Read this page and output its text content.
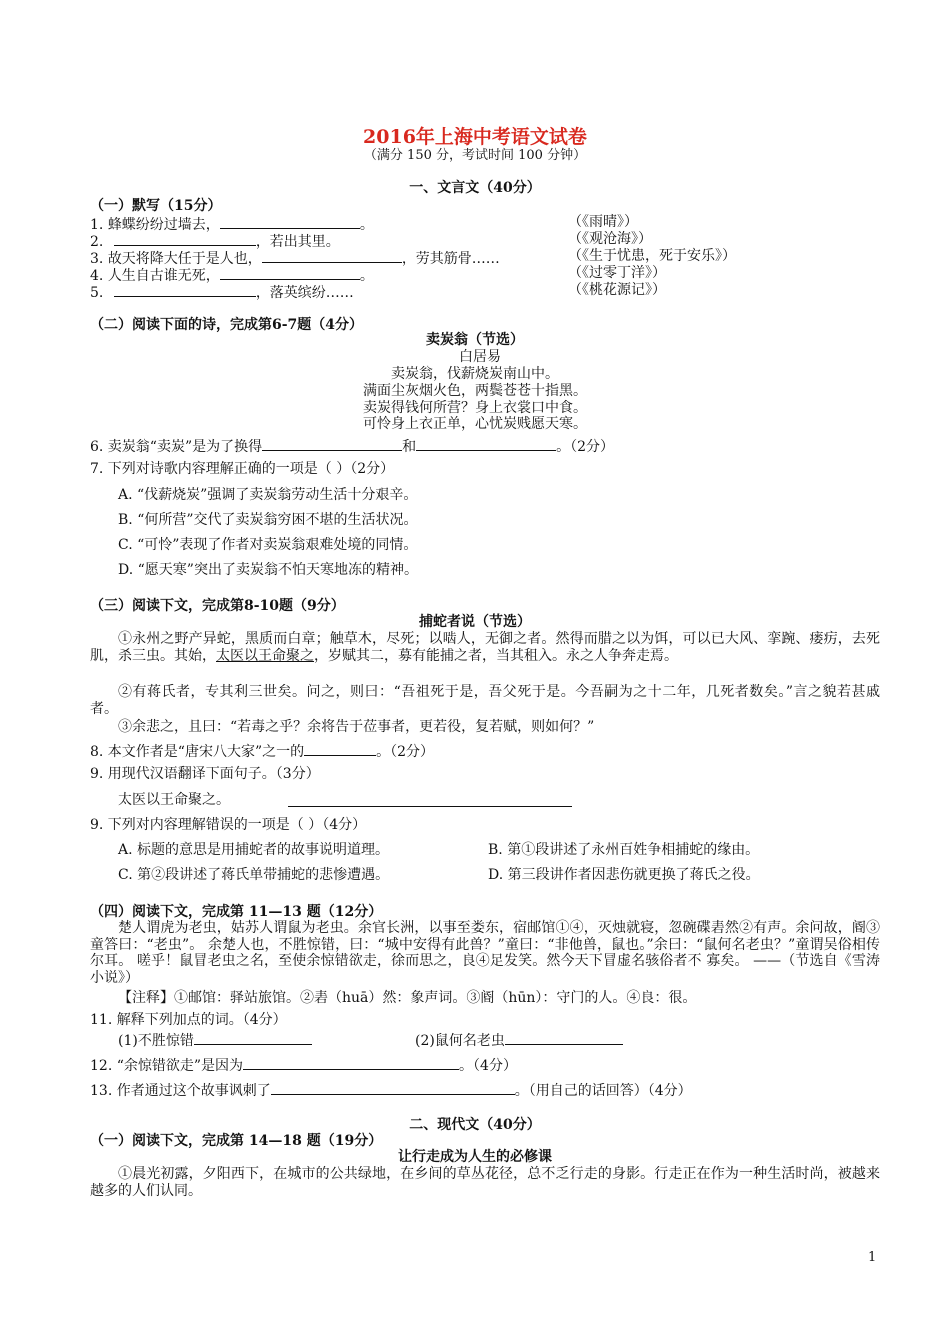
2016年上海中考语文试卷
（满分 150 分，考试时间 100 分钟）
一、文言文（40分）
（一）默写（15分）
1. 蜂蝶纷纷过墙去，	。	（《雨晴》）
2.	，若出其里。	（《观沧海》）
3. 故天将降大任于是人也，	，劳其筋骨……	（《生于忧患，死于安乐》）
4. 人生自古谁无死，	。	（《过零丁洋》）
5.	，落英缤纷……	（《桃花源记》）
（二）阅读下面的诗，完成第6-7题（4分）
卖炭翁（节选）
白居易
卖炭翁，伐薪烧炭南山中。
满面尘灰烟火色，两鬓苍苍十指黑。
卖炭得钱何所营？身上衣裳口中食。
可怜身上衣正单，心忧炭贱愿天寒。
6. 卖炭翁“卖炭”是为了换得	和	。（2分）
7. 下列对诗歌内容理解正确的一项是（ ）（2分）
A. “伐薪烧炭”强调了卖炭翁劳动生活十分艰辛。
B. “何所营”交代了卖炭翁穷困不堪的生活状况。
C. “可怜”表现了作者对卖炭翁艰难处境的同情。
D. “愿天寒”突出了卖炭翁不怕天寒地冻的精神。
（三）阅读下文，完成第8-10题（9分）
捕蛇者说（节选）
①永州之野产异蛇，黑质而白章；触草木，尽死；以啮人，无御之者。然得而腊之以为饵，可以已大风、挛踠、瘘疠，去死肌，杀三虫。其始，太医以王命聚之，岁赋其二，募有能捕之者，当其租入。永之人争奔走焉。
②有蒋氏者，专其利三世矣。问之，则曰：“吾祖死于是，吾父死于是。今吾嗣为之十二年，几死者数矣。”言之貌若甚戚者。
③余悲之，且曰：“若毒之乎？余将告于莅事者，更若役，复若赋，则如何？”
8. 本文作者是“唐宋八大家”之一的	。（2分）
9. 用现代汉语翻译下面句子。（3分）
太医以王命聚之。
9. 下列对内容理解错误的一项是（ ）（4分）
A. 标题的意思是用捕蛇者的故事说明道理。	B. 第①段讲述了永州百姓争相捕蛇的缘由。
C. 第②段讲述了蒋氏单带捕蛇的悲惨遭遇。	D. 第三段讲作者因悲伤就更换了蒋氏之役。
（四）阅读下文，完成第 11—13 题（12分）
楚人谓虎为老虫，姑苏人谓鼠为老虫。余官长洲，以事至娄东，宿邮馆①④，灭烛就寝，忽碗碟砉然②有声。余问故，阍③童答曰：“老虫”。 余楚人也，不胜惊错，曰：“城中安得有此兽？”童曰：“非他兽，鼠也。”余曰：“鼠何名老虫？”童谓吴俗相传尔耳。 嗟乎！鼠冒老虫之名，至使余惊错欲走，徐而思之，良④足发笑。然今天下冒虚名骇俗者不 寡矣。 ——（节选自《雪涛小说》）
【注释】①邮馆：驿站旅馆。②砉（huā）然：象声词。③阍（hūn）：守门的人。④良：很。
11. 解释下列加点的词。（4分）
(1)不胜惊错	(2)鼠何名老虫
12. “余惊错欲走”是因为	。（4分）
13. 作者通过这个故事讽刺了	。（用自己的话回答）（4分）
二、现代文（40分）
（一）阅读下文，完成第 14—18 题（19分）
让行走成为人生的必修课
①晨光初露，夕阳西下，在城市的公共绿地，在乡间的草丛花径，总不乏行走的身影。行走正在作为一种生活时尚，被越来越多的人们认同。
1
